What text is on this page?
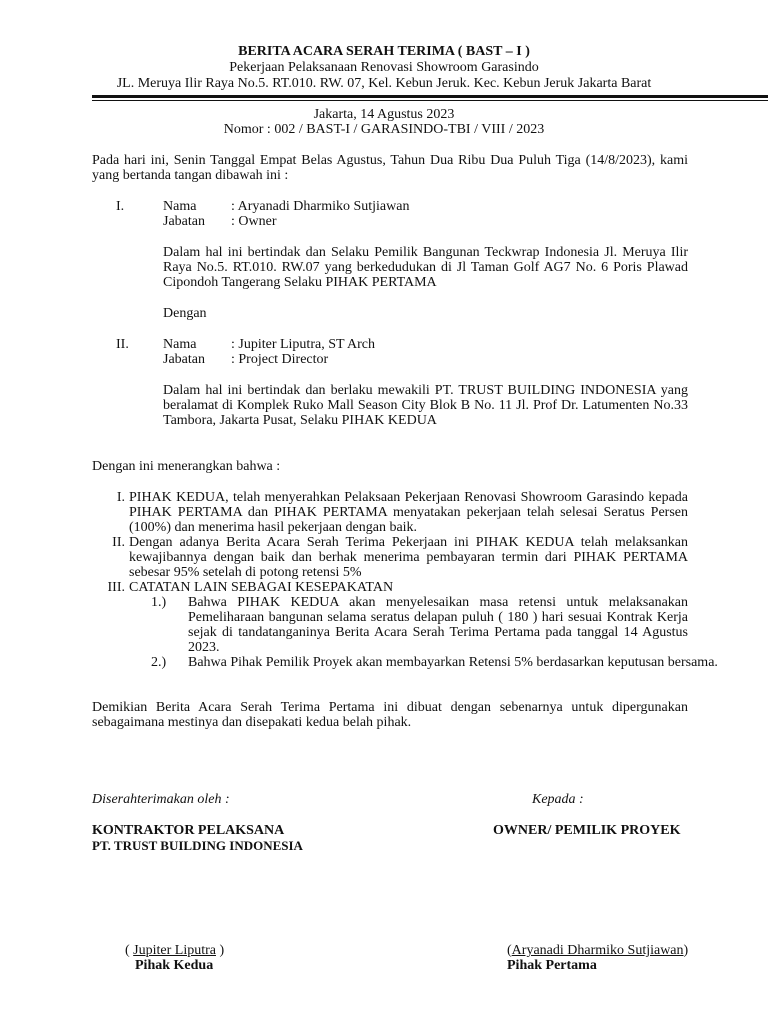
BERITA ACARA SERAH TERIMA ( BAST – I )
Pekerjaan Pelaksanaan Renovasi Showroom Garasindo
JL. Meruya Ilir Raya No.5. RT.010. RW. 07, Kel. Kebun Jeruk. Kec. Kebun Jeruk Jakarta Barat
Jakarta, 14 Agustus 2023
Nomor : 002 / BAST-I / GARASINDO-TBI / VIII / 2023
Pada hari ini, Senin Tanggal Empat Belas Agustus, Tahun Dua Ribu Dua Puluh Tiga (14/8/2023), kami yang bertanda tangan dibawah ini :
I.	Nama	: Aryanadi Dharmiko Sutjiawan
Jabatan	: Owner
Dalam hal ini bertindak dan Selaku Pemilik Bangunan Teckwrap Indonesia Jl. Meruya Ilir Raya No.5. RT.010. RW.07 yang berkedudukan di Jl Taman Golf AG7 No. 6 Poris Plawad Cipondoh Tangerang Selaku PIHAK PERTAMA
Dengan
II.	Nama	: Jupiter Liputra, ST Arch
Jabatan	: Project Director
Dalam hal ini bertindak dan berlaku mewakili PT. TRUST BUILDING INDONESIA yang beralamat di Komplek Ruko Mall Season City Blok B No. 11 Jl. Prof Dr. Latumenten No.33 Tambora, Jakarta Pusat, Selaku PIHAK KEDUA
Dengan ini menerangkan bahwa :
I. PIHAK KEDUA, telah menyerahkan Pelaksaan Pekerjaan Renovasi Showroom Garasindo kepada PIHAK PERTAMA dan PIHAK PERTAMA menyatakan pekerjaan telah selesai Seratus Persen (100%) dan menerima hasil pekerjaan dengan baik.
II. Dengan adanya Berita Acara Serah Terima Pekerjaan ini PIHAK KEDUA telah melaksankan kewajibannya dengan baik dan berhak menerima pembayaran termin dari PIHAK PERTAMA sebesar 95% setelah di potong retensi 5%
III. CATATAN LAIN SEBAGAI KESEPAKATAN
1.)	Bahwa PIHAK KEDUA akan menyelesaikan masa retensi untuk melaksanakan Pemeliharaan bangunan selama seratus delapan puluh ( 180 ) hari sesuai Kontrak Kerja sejak di tandatanganinya Berita Acara Serah Terima Pertama pada tanggal 14 Agustus 2023.
2.)	Bahwa Pihak Pemilik Proyek akan membayarkan Retensi 5% berdasarkan keputusan bersama.
Demikian Berita Acara Serah Terima Pertama ini dibuat dengan sebenarnya untuk dipergunakan sebagaimana mestinya dan disepakati kedua belah pihak.
Diserahterimakan oleh :	Kepada :
KONTRAKTOR PELAKSANA	OWNER/ PEMILIK PROYEK
PT. TRUST BUILDING INDONESIA
( Jupiter Liputra )	(Aryanadi Dharmiko Sutjiawan)
Pihak Kedua	Pihak Pertama
